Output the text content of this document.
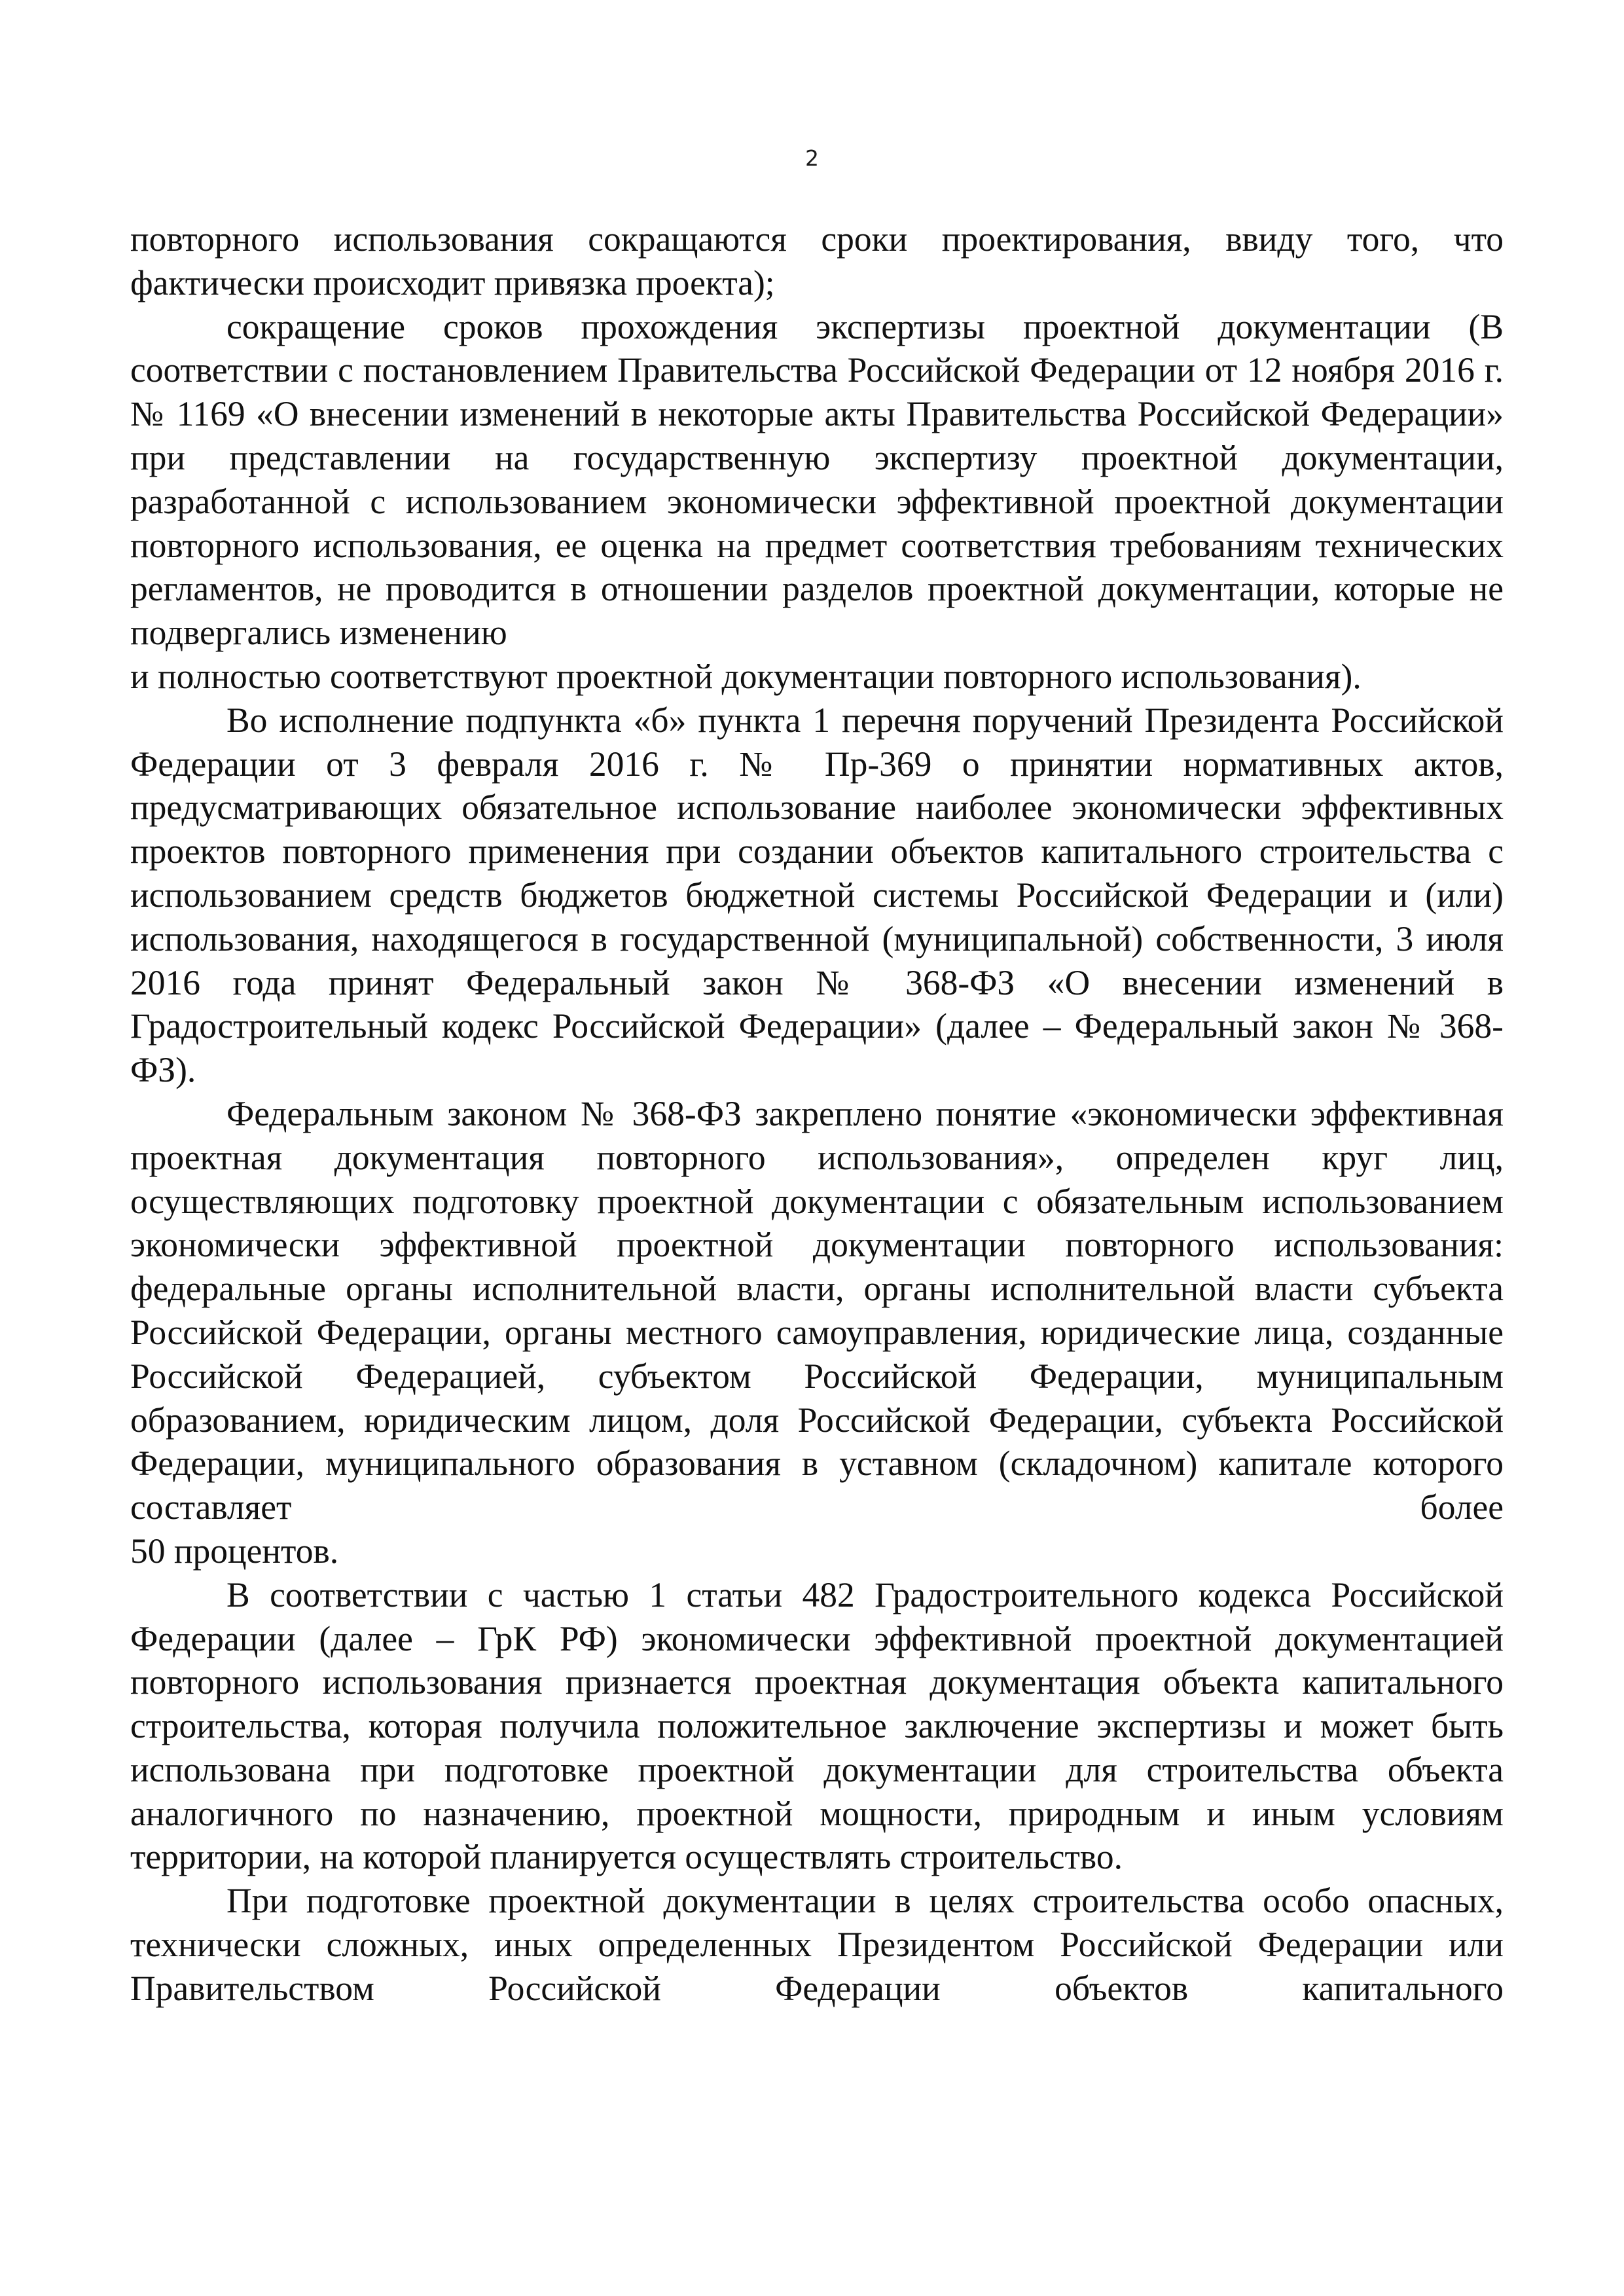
2

повторного использования сокращаются сроки проектирования, ввиду того, что фактически происходит привязка проекта);

сокращение сроков прохождения экспертизы проектной документации (В соответствии с постановлением Правительства Российской Федерации от 12 ноября 2016 г. № 1169 «О внесении изменений в некоторые акты Правительства Российской Федерации» при представлении на государственную экспертизу проектной документации, разработанной с использованием экономически эффективной проектной документации повторного использования, ее оценка на предмет соответствия требованиям технических регламентов, не проводится в отношении разделов проектной документации, которые не подвергались изменению

и полностью соответствуют проектной документации повторного использования).

Во исполнение подпункта «б» пункта 1 перечня поручений Президента Российской Федерации от 3 февраля 2016 г. № Пр-369 о принятии нормативных актов, предусматривающих обязательное использование наиболее экономически эффективных проектов повторного применения при создании объектов капитального строительства с использованием средств бюджетов бюджетной системы Российской Федерации и (или) использования, находящегося в государственной (муниципальной) собственности, 3 июля 2016 года принят Федеральный закон № 368-ФЗ «О внесении изменений в Градостроительный кодекс Российской Федерации» (далее – Федеральный закон № 368-ФЗ).

Федеральным законом № 368-ФЗ закреплено понятие «экономически эффективная проектная документация повторного использования», определен круг лиц, осуществляющих подготовку проектной документации с обязательным использованием экономически эффективной проектной документации повторного использования: федеральные органы исполнительной власти, органы исполнительной власти субъекта Российской Федерации, органы местного самоуправления, юридические лица, созданные Российской Федерацией, субъектом Российской Федерации, муниципальным образованием, юридическим лицом, доля Российской Федерации, субъекта Российской Федерации, муниципального образования в уставном (складочном) капитале которого составляет более

50 процентов.

В соответствии с частью 1 статьи 482 Градостроительного кодекса Российской Федерации (далее – ГрК РФ) экономически эффективной проектной документацией повторного использования признается проектная документация объекта капитального строительства, которая получила положительное заключение экспертизы и может быть использована при подготовке проектной документации для строительства объекта аналогичного по назначению, проектной мощности, природным и иным условиям территории, на которой планируется осуществлять строительство.

При подготовке проектной документации в целях строительства особо опасных, технически сложных, иных определенных Президентом Российской Федерации или Правительством Российской Федерации объектов капитального
